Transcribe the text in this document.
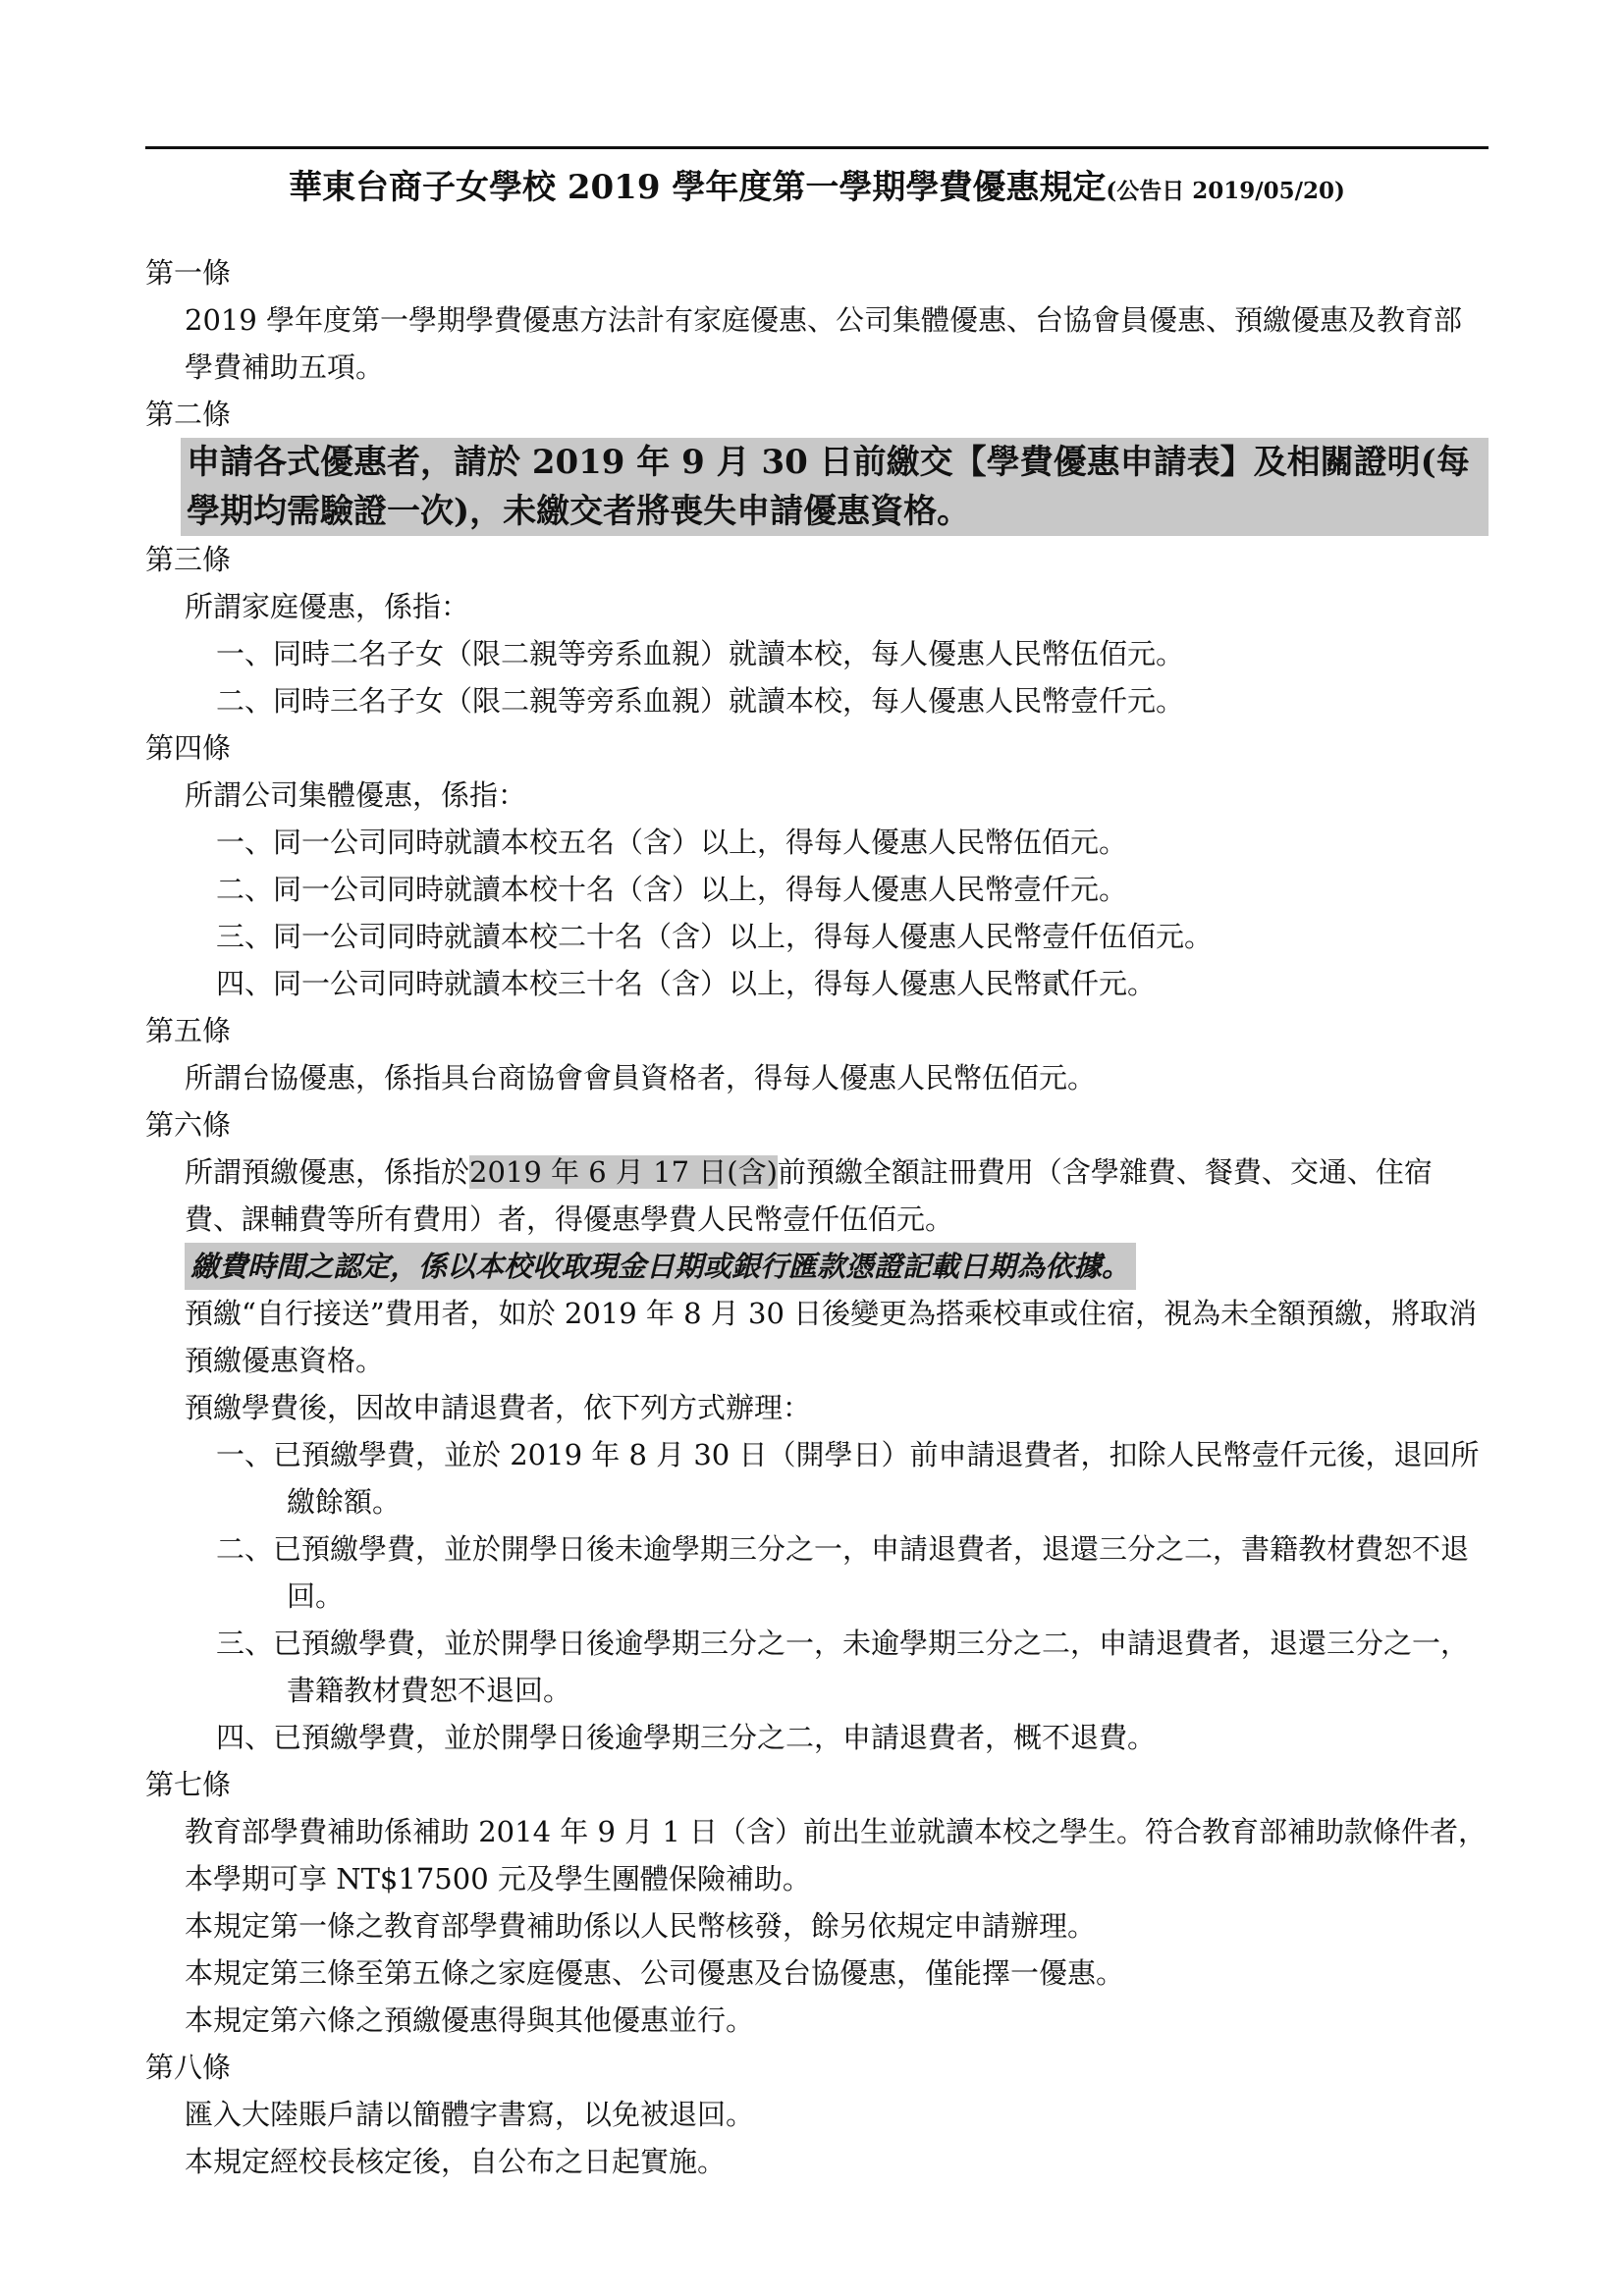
華東台商子女學校 2019 學年度第一學期學費優惠規定(公告日 2019/05/20)
第一條
2019 學年度第一學期學費優惠方法計有家庭優惠、公司集體優惠、台協會員優惠、預繳優惠及教育部學費補助五項。
第二條
申請各式優惠者，請於 2019 年 9 月 30 日前繳交【學費優惠申請表】及相關證明(每學期均需驗證一次)，未繳交者將喪失申請優惠資格。
第三條
所謂家庭優惠，係指：
一、同時二名子女（限二親等旁系血親）就讀本校，每人優惠人民幣伍佰元。
二、同時三名子女（限二親等旁系血親）就讀本校，每人優惠人民幣壹仟元。
第四條
所謂公司集體優惠，係指：
一、同一公司同時就讀本校五名（含）以上，得每人優惠人民幣伍佰元。
二、同一公司同時就讀本校十名（含）以上，得每人優惠人民幣壹仟元。
三、同一公司同時就讀本校二十名（含）以上，得每人優惠人民幣壹仟伍佰元。
四、同一公司同時就讀本校三十名（含）以上，得每人優惠人民幣貳仟元。
第五條
所謂台協優惠，係指具台商協會會員資格者，得每人優惠人民幣伍佰元。
第六條
所謂預繳優惠，係指於2019 年 6 月 17 日(含)前預繳全額註冊費用（含學雜費、餐費、交通、住宿費、課輔費等所有費用）者，得優惠學費人民幣壹仟伍佰元。
繳費時間之認定，係以本校收取現金日期或銀行匯款憑證記載日期為依據。
預繳“自行接送”費用者，如於 2019 年 8 月 30 日後變更為搭乘校車或住宿，視為未全額預繳，將取消預繳優惠資格。
預繳學費後，因故申請退費者，依下列方式辦理：
一、已預繳學費，並於 2019 年 8 月 30 日（開學日）前申請退費者，扣除人民幣壹仟元後，退回所繳餘額。
二、已預繳學費，並於開學日後未逾學期三分之一，申請退費者，退還三分之二，書籍教材費恕不退回。
三、已預繳學費，並於開學日後逾學期三分之一，未逾學期三分之二，申請退費者，退還三分之一，書籍教材費恕不退回。
四、已預繳學費，並於開學日後逾學期三分之二，申請退費者，概不退費。
第七條
教育部學費補助係補助 2014 年 9 月 1 日（含）前出生並就讀本校之學生。符合教育部補助款條件者，本學期可享 NT$17500 元及學生團體保險補助。
本規定第一條之教育部學費補助係以人民幣核發，餘另依規定申請辦理。
本規定第三條至第五條之家庭優惠、公司優惠及台協優惠，僅能擇一優惠。
本規定第六條之預繳優惠得與其他優惠並行。
第八條
匯入大陸賬戶請以簡體字書寫，以免被退回。
本規定經校長核定後，自公布之日起實施。
